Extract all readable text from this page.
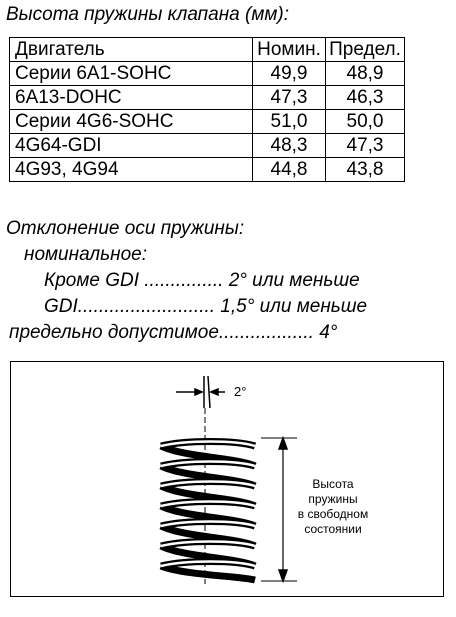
Высота пружины клапана (мм):
Двигатель	Номин.	Предел.
Серии 6A1-SOHC	49,9	48,9
6A13-DOHC	47,3	46,3
Серии 4G6-SOHC	51,0	50,0
4G64-GDI	48,3	47,3
4G93, 4G94	44,8	43,8
Отклонение оси пружины:
номинальное:
Кроме GDI ............... 2° или меньше
GDI.......................... 1,5° или меньше
предельно допустимое.................. 4°
2°
Высота
пружины
в свободном
состоянии
